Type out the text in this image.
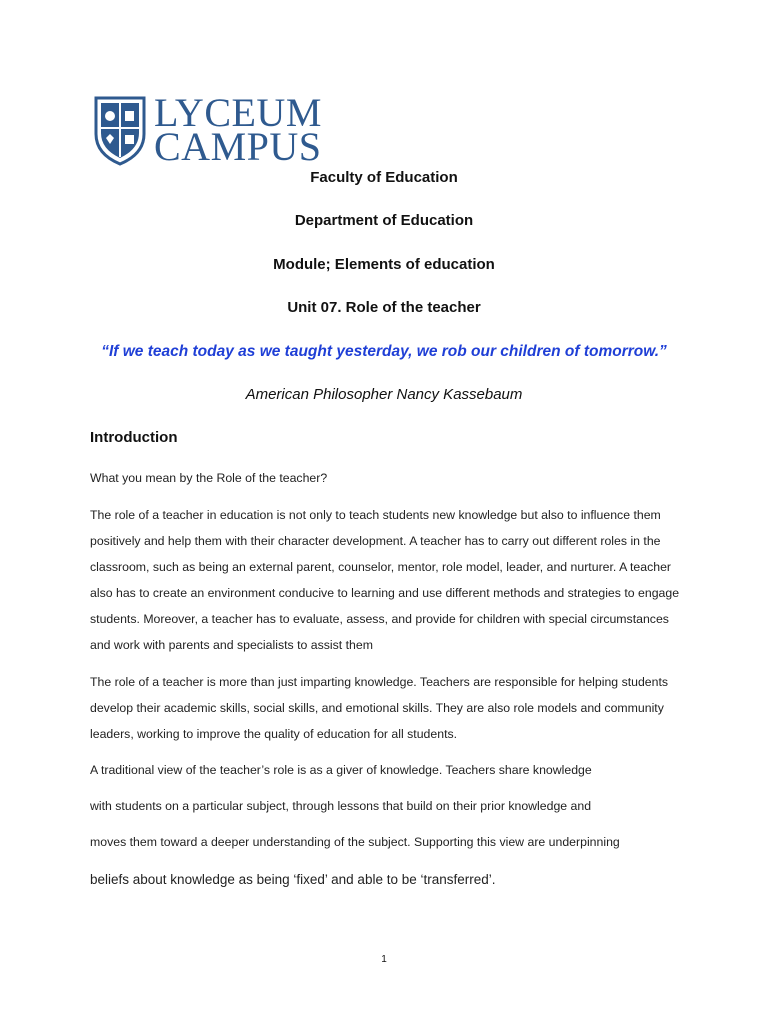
LYCEUM
CAMPUS
Faculty of Education
Department of Education
Module; Elements of education
Unit 07. Role of the teacher
“If we teach today as we taught yesterday, we rob our children of tomorrow.”
American Philosopher Nancy Kassebaum
Introduction
What you mean by the Role of the teacher?
The role of a teacher in education is not only to teach students new knowledge but also to influence them positively and help them with their character development. A teacher has to carry out different roles in the classroom, such as being an external parent, counselor, mentor, role model, leader, and nurturer. A teacher also has to create an environment conducive to learning and use different methods and strategies to engage students. Moreover, a teacher has to evaluate, assess, and provide for children with special circumstances and work with parents and specialists to assist them
The role of a teacher is more than just imparting knowledge. Teachers are responsible for helping students develop their academic skills, social skills, and emotional skills. They are also role models and community leaders, working to improve the quality of education for all students.
A traditional view of the teacher’s role is as a giver of knowledge. Teachers share knowledge
with students on a particular subject, through lessons that build on their prior knowledge and
moves them toward a deeper understanding of the subject. Supporting this view are underpinning
beliefs about knowledge as being ‘fixed’ and able to be ‘transferred’.
1
